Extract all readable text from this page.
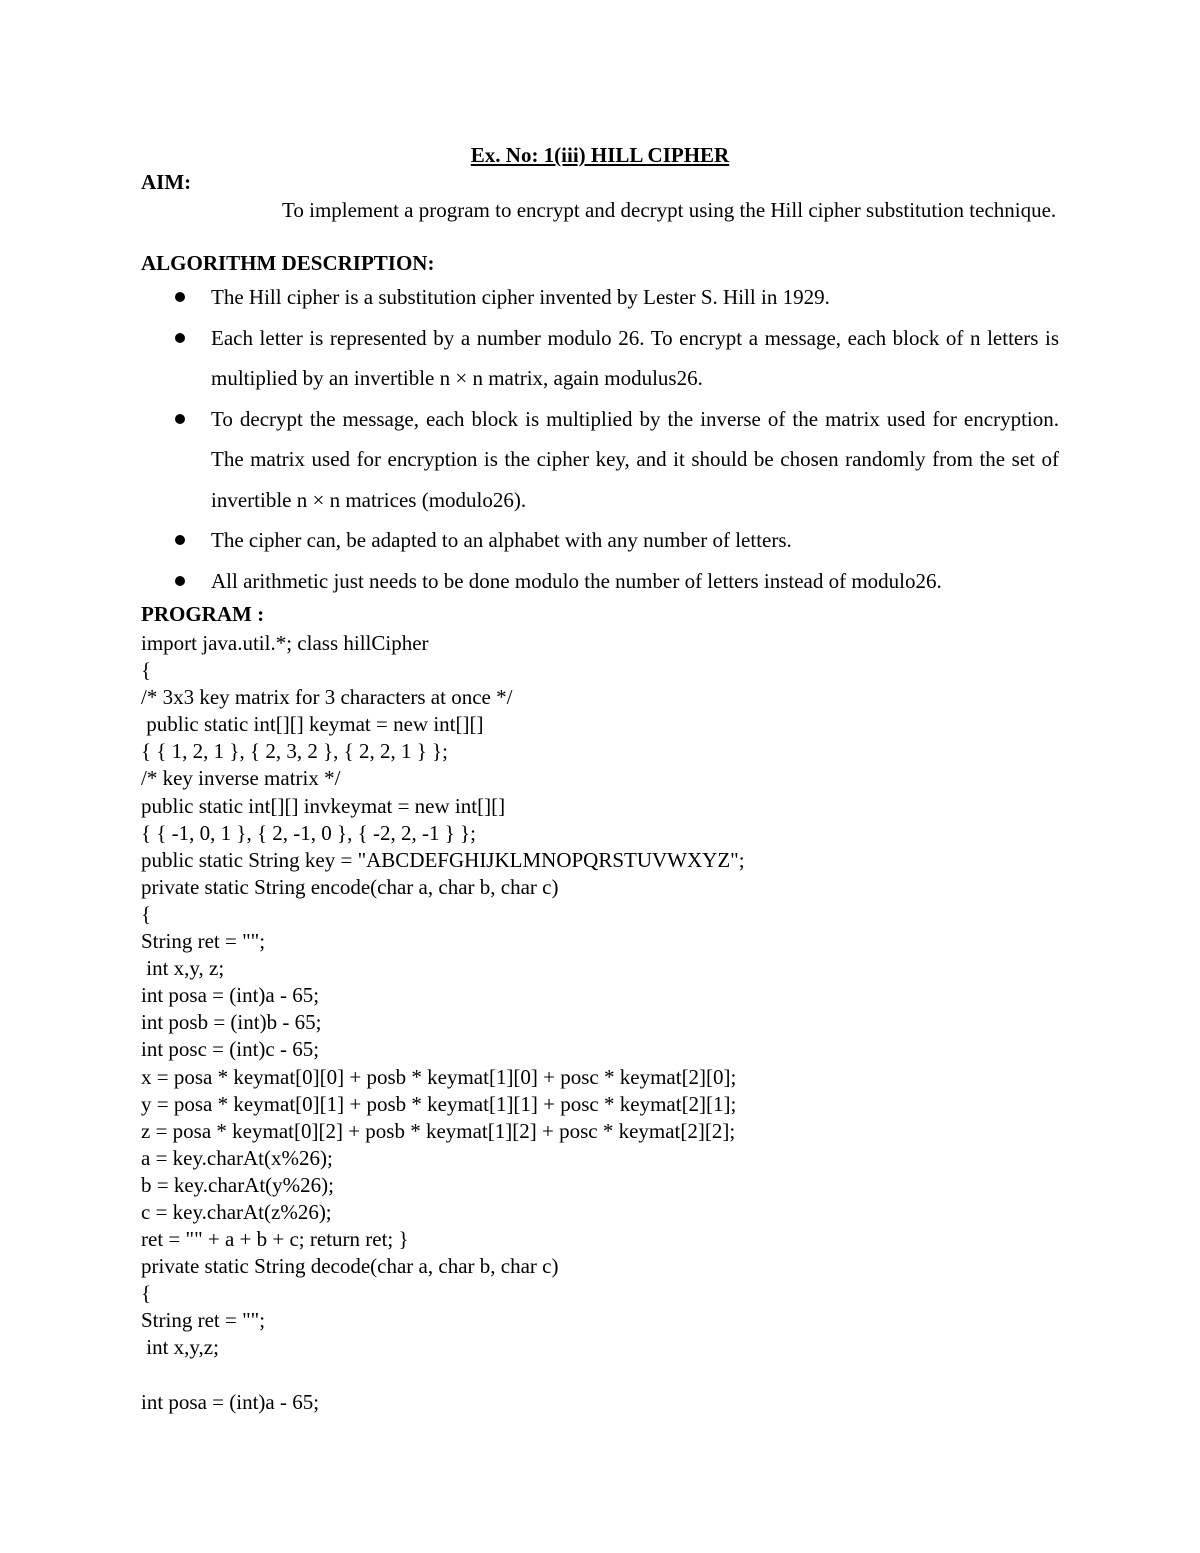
Ex. No: 1(iii) HILL CIPHER
AIM:

To implement a program to encrypt and decrypt using the Hill cipher substitution technique.

ALGORITHM DESCRIPTION:
The Hill cipher is a substitution cipher invented by Lester S. Hill in 1929.
Each letter is represented by a number modulo 26. To encrypt a message, each block of n letters is multiplied by an invertible n × n matrix, again modulus26.
To decrypt the message, each block is multiplied by the inverse of the matrix used for encryption. The matrix used for encryption is the cipher key, and it should be chosen randomly from the set of invertible n × n matrices (modulo26).
The cipher can, be adapted to an alphabet with any number of letters.
All arithmetic just needs to be done modulo the number of letters instead of modulo26.
PROGRAM :
import java.util.*; class hillCipher
{
/* 3x3 key matrix for 3 characters at once */
public static int[][] keymat = new int[][]
{ { 1, 2, 1 }, { 2, 3, 2 }, { 2, 2, 1 } };
/* key inverse matrix */
public static int[][] invkeymat = new int[][]
{ { -1, 0, 1 }, { 2, -1, 0 }, { -2, 2, -1 } };
public static String key = "ABCDEFGHIJKLMNOPQRSTUVWXYZ";
private static String encode(char a, char b, char c)
{
String ret = "";
int x,y, z;
int posa = (int)a - 65;
int posb = (int)b - 65;
int posc = (int)c - 65;
x = posa * keymat[0][0] + posb * keymat[1][0] + posc * keymat[2][0];
y = posa * keymat[0][1] + posb * keymat[1][1] + posc * keymat[2][1];
z = posa * keymat[0][2] + posb * keymat[1][2] + posc * keymat[2][2];
a = key.charAt(x%26);
b = key.charAt(y%26);
c = key.charAt(z%26);
ret = "" + a + b + c; return ret; }
private static String decode(char a, char b, char c)
{
String ret = "";
int x,y,z;
int posa = (int)a - 65;
